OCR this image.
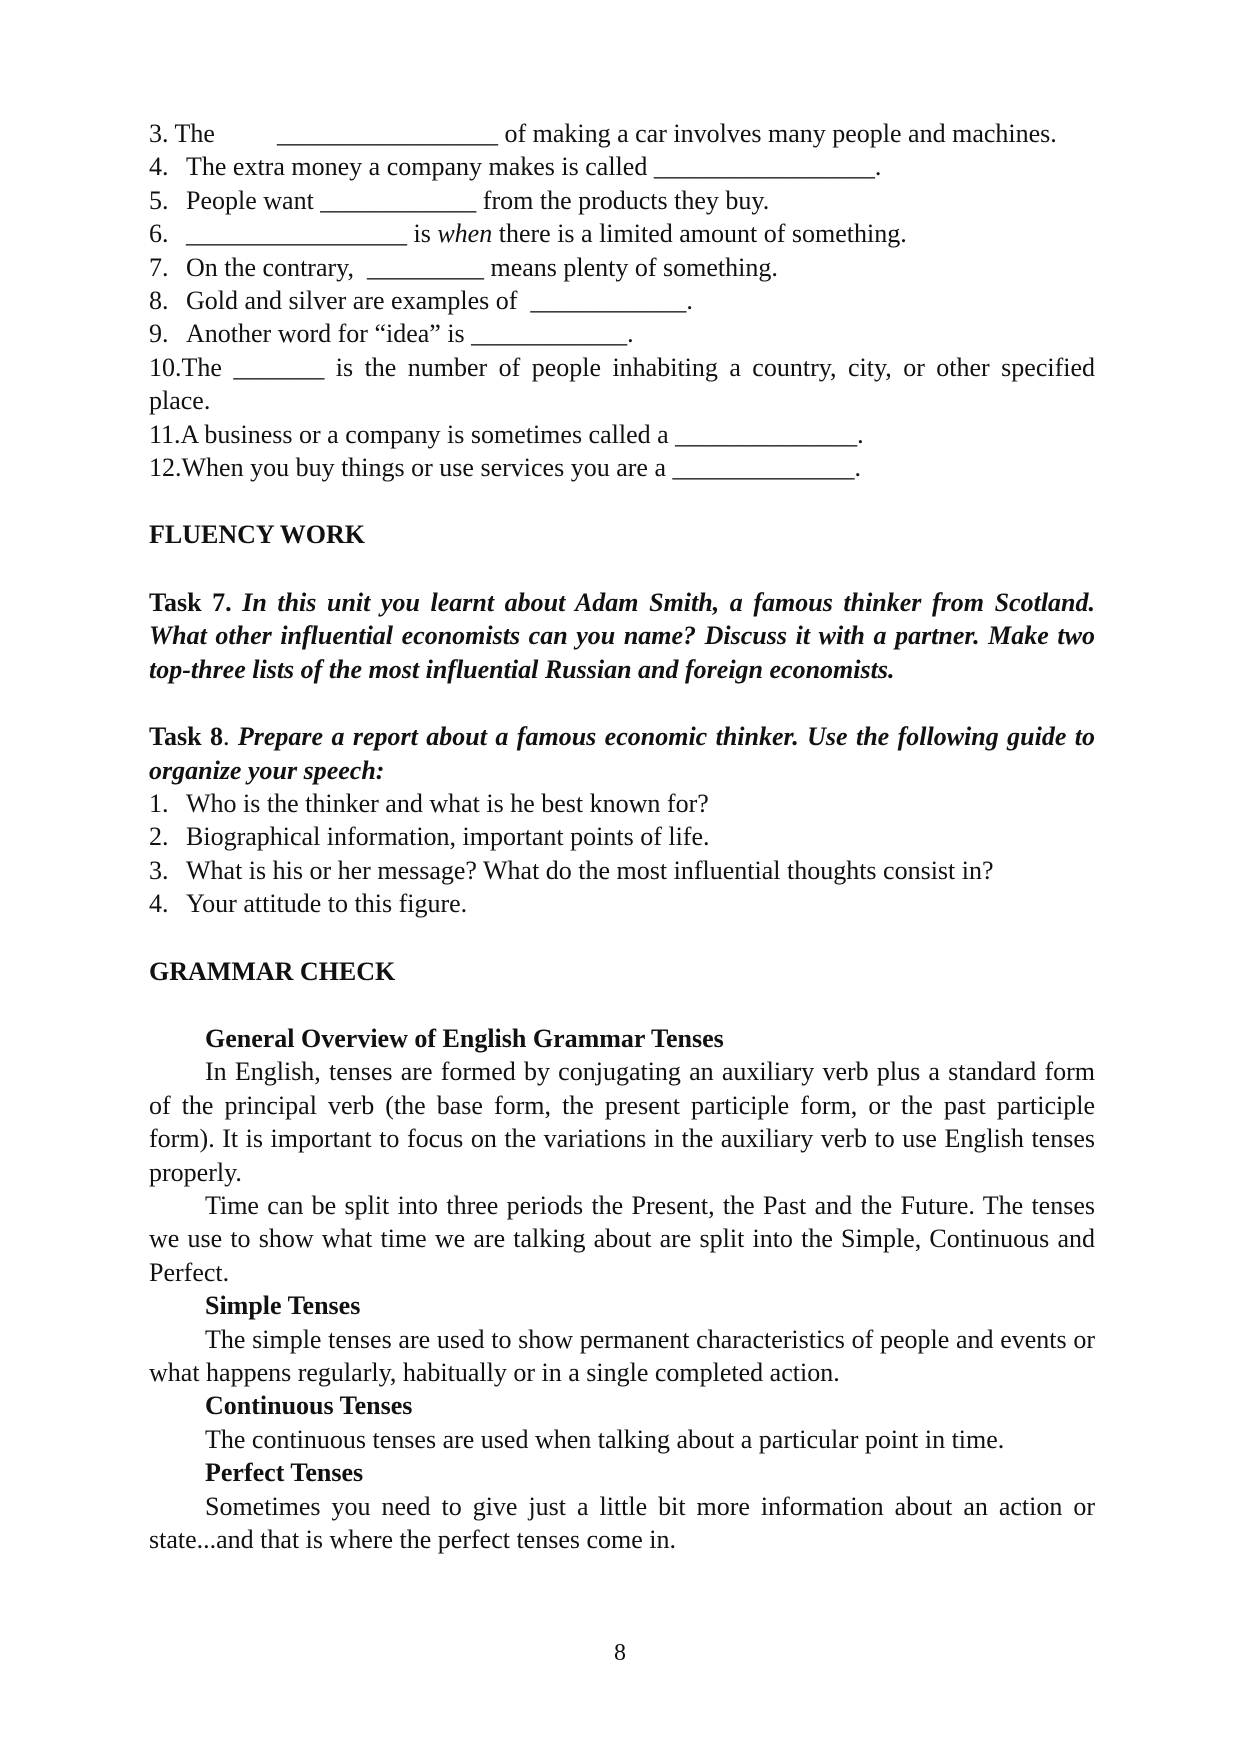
3. The _________________ of making a car involves many people and machines.

4. The extra money a company makes is called _________________.
5. People want ____________ from the products they buy.
6. _________________ is when there is a limited amount of something.
7. On the contrary,  _________ means plenty of something.
8. Gold and silver are examples of  ____________.
9. Another word for “idea” is ____________.

10.The _______ is the number of people inhabiting a country, city, or other specified place.

11.A business or a company is sometimes called a ______________.

12.When you buy things or use services you are a ______________.

FLUENCY WORK

Task 7. In this unit you learnt about Adam Smith, a famous thinker from Scotland. What other influential economists can you name? Discuss it with a partner. Make two top-three lists of the most influential Russian and foreign economists.

Task 8. Prepare a report about a famous economic thinker. Use the following guide to organize your speech:

1. Who is the thinker and what is he best known for?
2. Biographical information, important points of life.
3. What is his or her message? What do the most influential thoughts consist in?
4. Your attitude to this figure.

GRAMMAR CHECK

General Overview of English Grammar Tenses

In English, tenses are formed by conjugating an auxiliary verb plus a standard form of the principal verb (the base form, the present participle form, or the past participle form). It is important to focus on the variations in the auxiliary verb to use English tenses properly.

Time can be split into three periods the Present, the Past and the Future. The tenses we use to show what time we are talking about are split into the Simple, Continuous and Perfect.

Simple Tenses

The simple tenses are used to show permanent characteristics of people and events or what happens regularly, habitually or in a single completed action.

Continuous Tenses

The continuous tenses are used when talking about a particular point in time.

Perfect Tenses

Sometimes you need to give just a little bit more information about an action or state...and that is where the perfect tenses come in.

8
